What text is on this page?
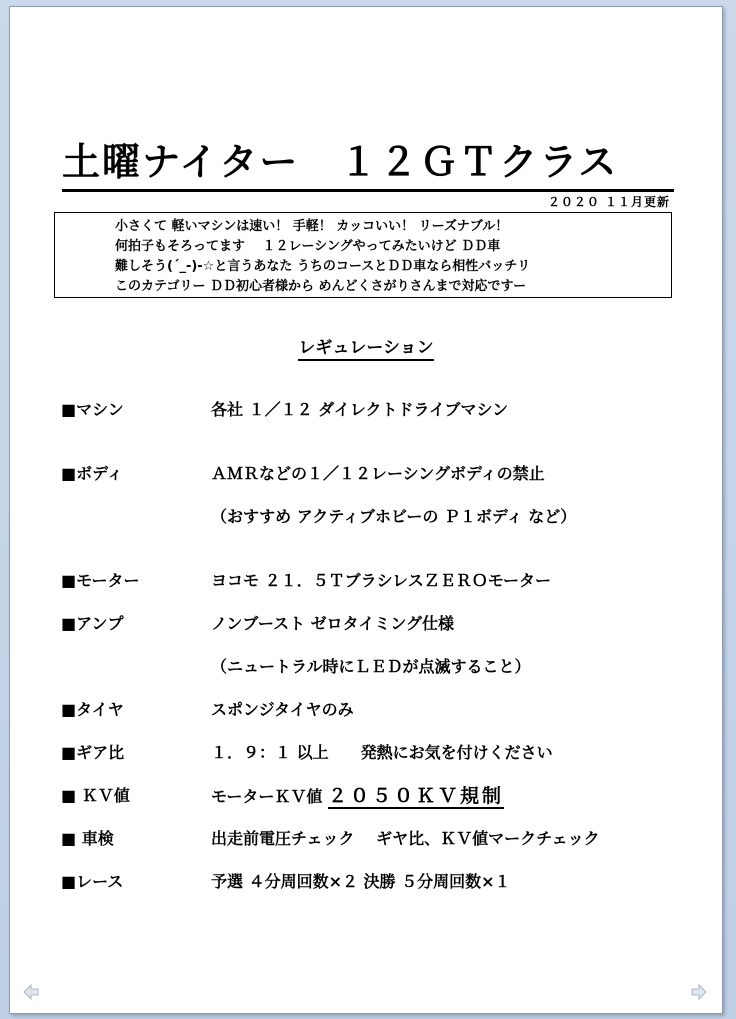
土曜ナイター　１２ＧＴクラス
２０２０ １１月更新
小さくて 軽いマシンは速い！ 手軽！ カッコいい！ リーズナブル！
何拍子もそろってます　 １２レーシングやってみたいけど ＤＤ車
難しそう(´_-)-☆と言うあなた うちのコースとＤＤ車なら相性バッチリ
このカテゴリー ＤＤ初心者様から めんどくさがりさんまで対応ですー
レギュレーション
■マシン	各社 １／１２ ダイレクトドライブマシン
■ボディ	ＡＭＲなどの１／１２レーシングボディの禁止
（おすすめ アクティブホビーの Ｐ１ボディ など）
■モーター	ヨコモ ２１．５ＴブラシレスＺＥＲＯモーター
■アンプ	ノンブースト ゼロタイミング仕様
（ニュートラル時にＬＥＤが点滅すること）
■タイヤ	スポンジタイヤのみ
■ギア比	１．９：１ 以上　　発熱にお気を付けください
■ ＫＶ値	モーターＫＶ値 ２０５０ＫＶ規制
■ 車検	出走前電圧チェック　 ギヤ比、ＫＶ値マークチェック
■レース	予選 ４分周回数×２ 決勝 ５分周回数×１
